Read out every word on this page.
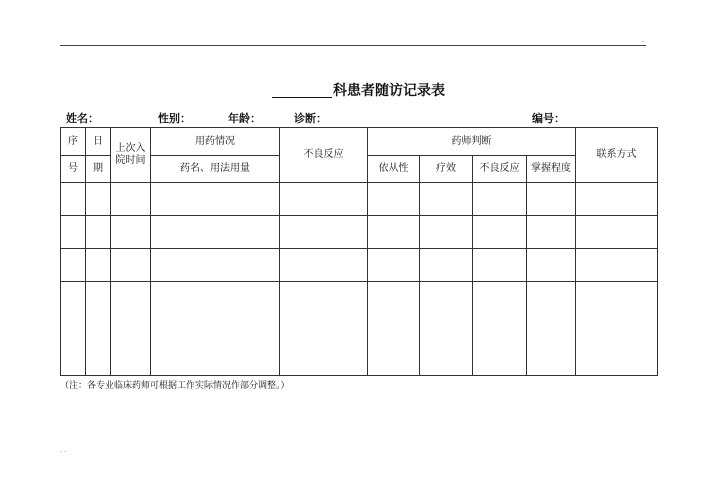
..
科患者随访记录表
姓名：	性别：	年龄：	诊断：	编号：
序	日	上次入院时间	用药情况	不良反应	药师判断				联系方式
号	期		药名、用法用量		依从性	疗效	不良反应	掌握程度	

（注：各专业临床药师可根据工作实际情况作部分调整。）
. .
